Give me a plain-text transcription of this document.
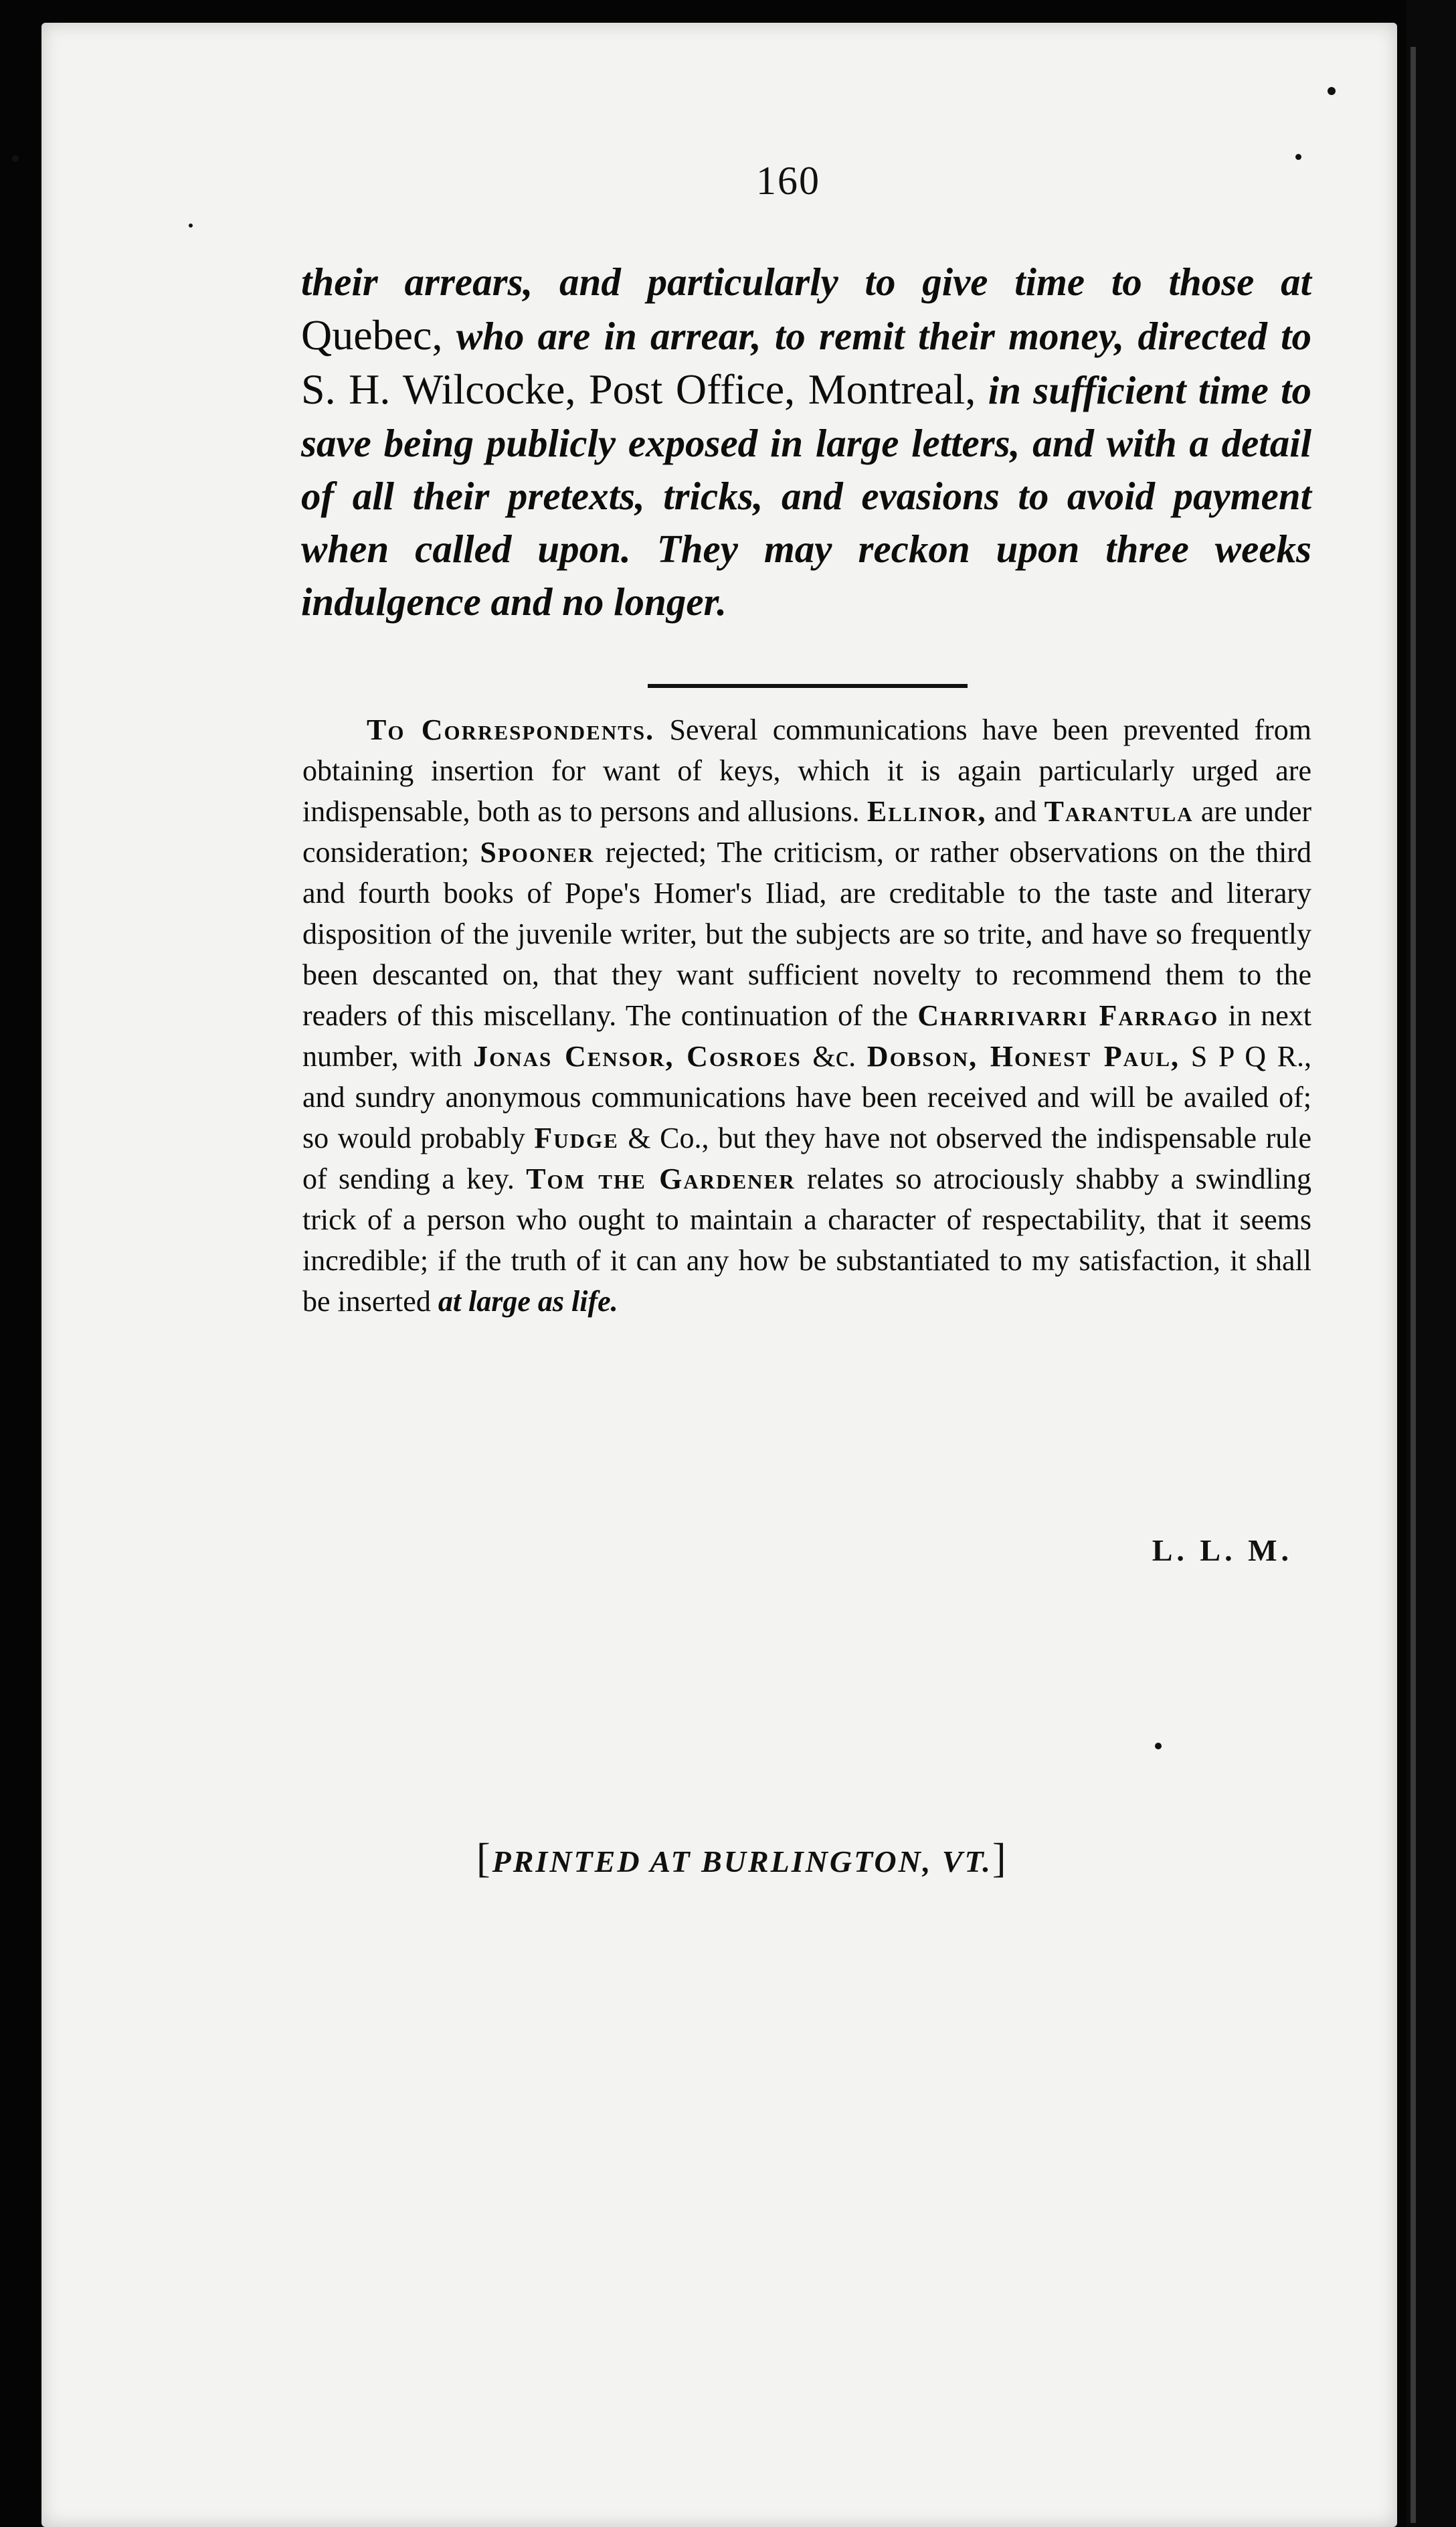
160
their arrears, and particularly to give time to those at Quebec, who are in arrear, to remit their money, directed to S. H. Wilcocke, Post Office, Montreal, in sufficient time to save being publicly exposed in large letters, and with a detail of all their pretexts, tricks, and evasions to avoid payment when called upon. They may reckon upon three weeks indulgence and no longer.
To Correspondents. Several communications have been prevented from obtaining insertion for want of keys, which it is again particularly urged are indispensable, both as to persons and allusions. Ellinor, and Tarantula are under consideration; Spooner rejected; The criticism, or rather observations on the third and fourth books of Pope's Homer's Iliad, are creditable to the taste and literary disposition of the juvenile writer, but the subjects are so trite, and have so frequently been descanted on, that they want sufficient novelty to recommend them to the readers of this miscellany. The continuation of the Charrivarri Farrago in next number, with Jonas Censor, Cosroes &c. Dobson, Honest Paul, S P Q R., and sundry anonymous communications have been received and will be availed of; so would probably Fudge & Co., but they have not observed the indispensable rule of sending a key. Tom the Gardener relates so atrociously shabby a swindling trick of a person who ought to maintain a character of respectability, that it seems incredible; if the truth of it can any how be substantiated to my satisfaction, it shall be inserted at large as life.
L. L. M.
[PRINTED AT BURLINGTON, VT.]
